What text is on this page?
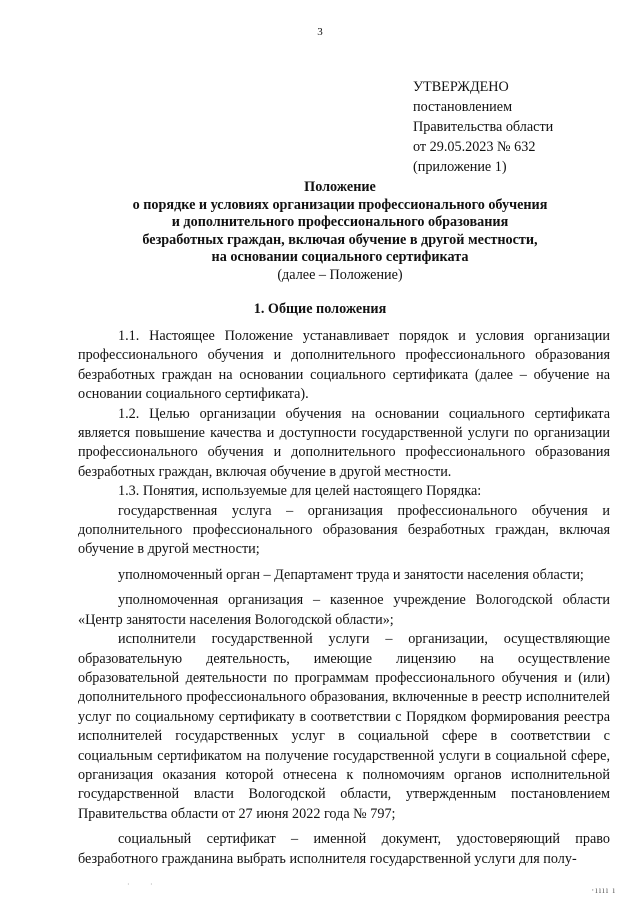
3
УТВЕРЖДЕНО
постановлением
Правительства области
от 29.05.2023 № 632
(приложение 1)
Положение
о порядке и условиях организации профессионального обучения
и дополнительного профессионального образования
безработных граждан, включая обучение в другой местности,
на основании социального сертификата
(далее – Положение)
1. Общие положения

1.1. Настоящее Положение устанавливает порядок и условия организации профессионального обучения и дополнительного профессионального образования безработных граждан на основании социального сертификата (далее – обучение на основании социального сертификата).

1.2. Целью организации обучения на основании социального сертификата является повышение качества и доступности государственной услуги по организации профессионального обучения и дополнительного профессионального образования безработных граждан, включая обучение в другой местности.

1.3. Понятия, используемые для целей настоящего Порядка:

государственная услуга – организация профессионального обучения и дополнительного профессионального образования безработных граждан, включая обучение в другой местности;

уполномоченный орган – Департамент труда и занятости населения области;

уполномоченная организация – казенное учреждение Вологодской области «Центр занятости населения Вологодской области»;

исполнители государственной услуги – организации, осуществляющие образовательную деятельность, имеющие лицензию на осуществление образовательной деятельности по программам профессионального обучения и (или) дополнительного профессионального образования, включенные в реестр исполнителей услуг по социальному сертификату в соответствии с Порядком формирования реестра исполнителей государственных услуг в социальной сфере в соответствии с социальным сертификатом на получение государственной услуги в социальной сфере, организация оказания которой отнесена к полномочиям органов исполнительной государственной власти Вологодской области, утвержденным постановлением Правительства области от 27 июня 2022 года № 797;

социальный сертификат – именной документ, удостоверяющий право безработного гражданина выбрать исполнителя государственной услуги для полу-

·	·
·ıııı ı
